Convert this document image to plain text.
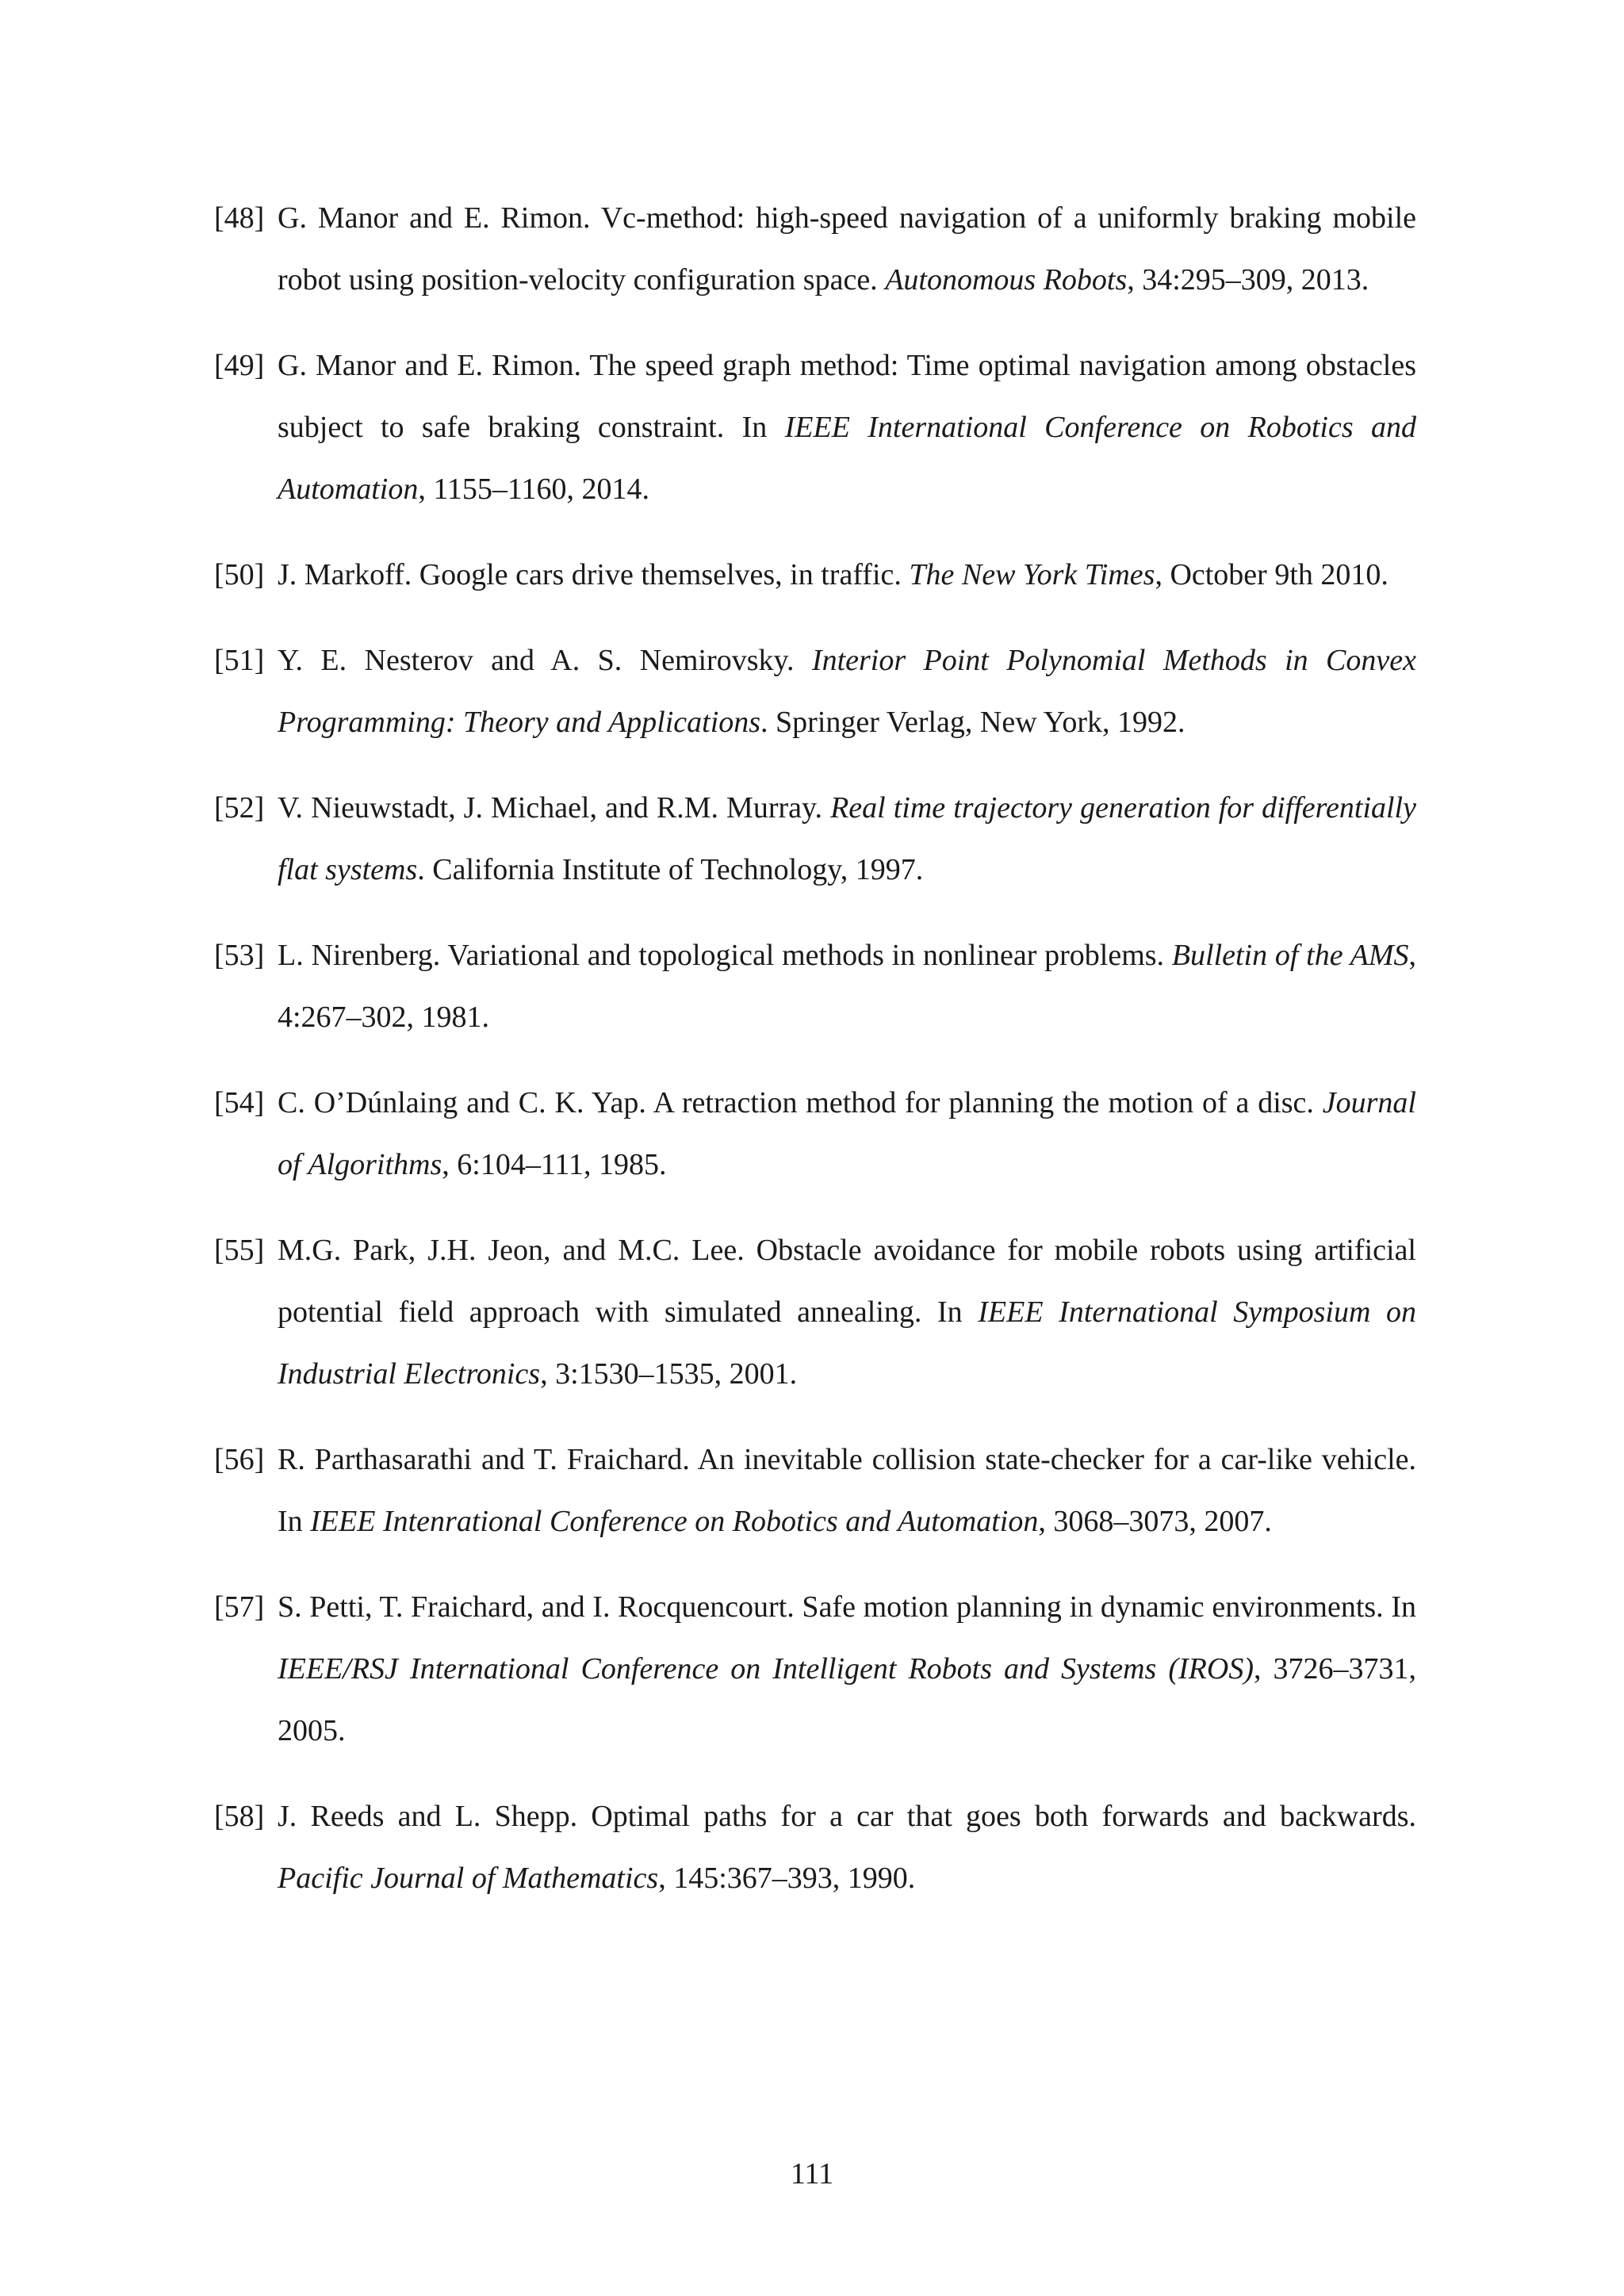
[48] G. Manor and E. Rimon. Vc-method: high-speed navigation of a uniformly braking mobile robot using position-velocity configuration space. Autonomous Robots, 34:295–309, 2013.
[49] G. Manor and E. Rimon. The speed graph method: Time optimal navigation among obstacles subject to safe braking constraint. In IEEE International Conference on Robotics and Automation, 1155–1160, 2014.
[50] J. Markoff. Google cars drive themselves, in traffic. The New York Times, October 9th 2010.
[51] Y. E. Nesterov and A. S. Nemirovsky. Interior Point Polynomial Methods in Convex Programming: Theory and Applications. Springer Verlag, New York, 1992.
[52] V. Nieuwstadt, J. Michael, and R.M. Murray. Real time trajectory generation for differentially flat systems. California Institute of Technology, 1997.
[53] L. Nirenberg. Variational and topological methods in nonlinear problems. Bulletin of the AMS, 4:267–302, 1981.
[54] C. O’Dúnlaing and C. K. Yap. A retraction method for planning the motion of a disc. Journal of Algorithms, 6:104–111, 1985.
[55] M.G. Park, J.H. Jeon, and M.C. Lee. Obstacle avoidance for mobile robots using artificial potential field approach with simulated annealing. In IEEE International Symposium on Industrial Electronics, 3:1530–1535, 2001.
[56] R. Parthasarathi and T. Fraichard. An inevitable collision state-checker for a car-like vehicle. In IEEE Intenrational Conference on Robotics and Automation, 3068–3073, 2007.
[57] S. Petti, T. Fraichard, and I. Rocquencourt. Safe motion planning in dynamic environments. In IEEE/RSJ International Conference on Intelligent Robots and Systems (IROS), 3726–3731, 2005.
[58] J. Reeds and L. Shepp. Optimal paths for a car that goes both forwards and backwards. Pacific Journal of Mathematics, 145:367–393, 1990.
111
